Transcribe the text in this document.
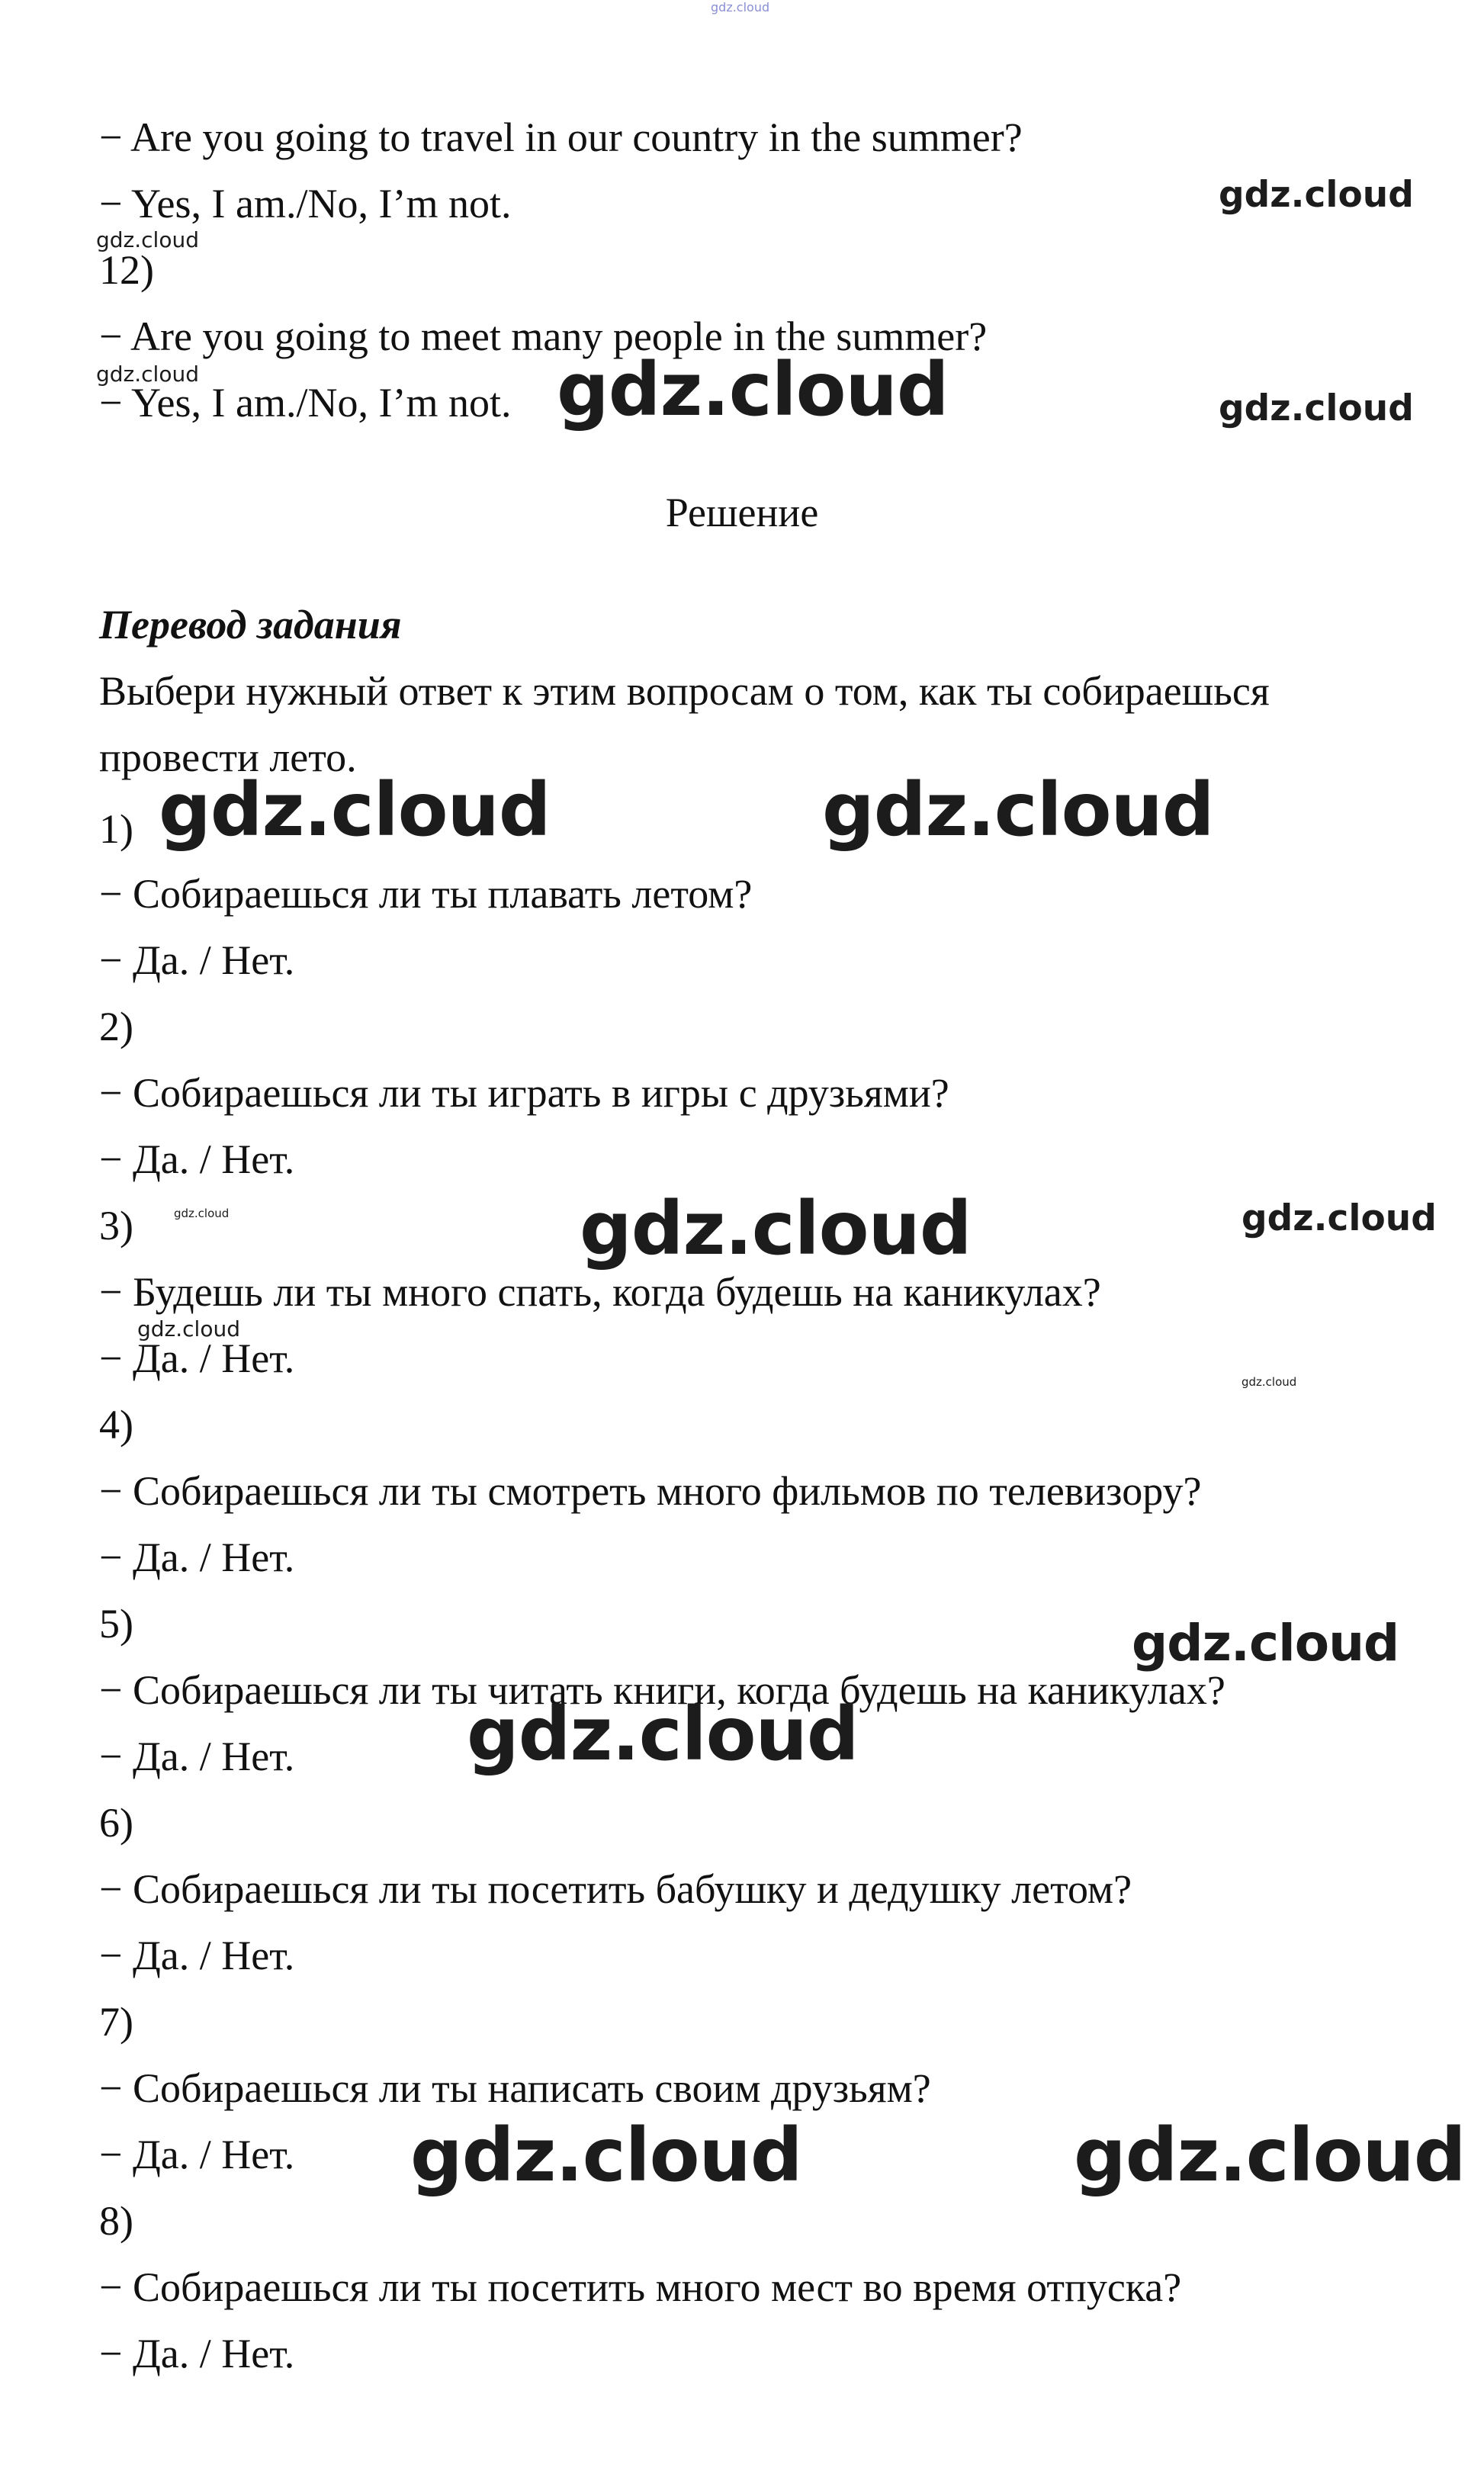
− Are you going to travel in our country in the summer?
− Yes, I am./No, I’m not.
12)
− Are you going to meet many people in the summer?
− Yes, I am./No, I’m not.
Решение
Перевод задания
Выбери нужный ответ к этим вопросам о том, как ты собираешься
провести лето.
1)
− Собираешься ли ты плавать летом?
− Да. / Нет.
2)
− Собираешься ли ты играть в игры с друзьями?
− Да. / Нет.
3)
− Будешь ли ты много спать, когда будешь на каникулах?
− Да. / Нет.
4)
− Собираешься ли ты смотреть много фильмов по телевизору?
− Да. / Нет.
5)
− Собираешься ли ты читать книги, когда будешь на каникулах?
− Да. / Нет.
6)
− Собираешься ли ты посетить бабушку и дедушку летом?
− Да. / Нет.
7)
− Собираешься ли ты написать своим друзьям?
− Да. / Нет.
8)
− Собираешься ли ты посетить много мест во время отпуска?
− Да. / Нет.
gdz.cloud
gdz.cloud
gdz.cloud
gdz.cloud	gdz.cloud	gdz.cloud
gdz.cloud	gdz.cloud
gdz.cloud	gdz.cloud	gdz.cloud
gdz.cloud
gdz.cloud
gdz.cloud
gdz.cloud
gdz.cloud	gdz.cloud
